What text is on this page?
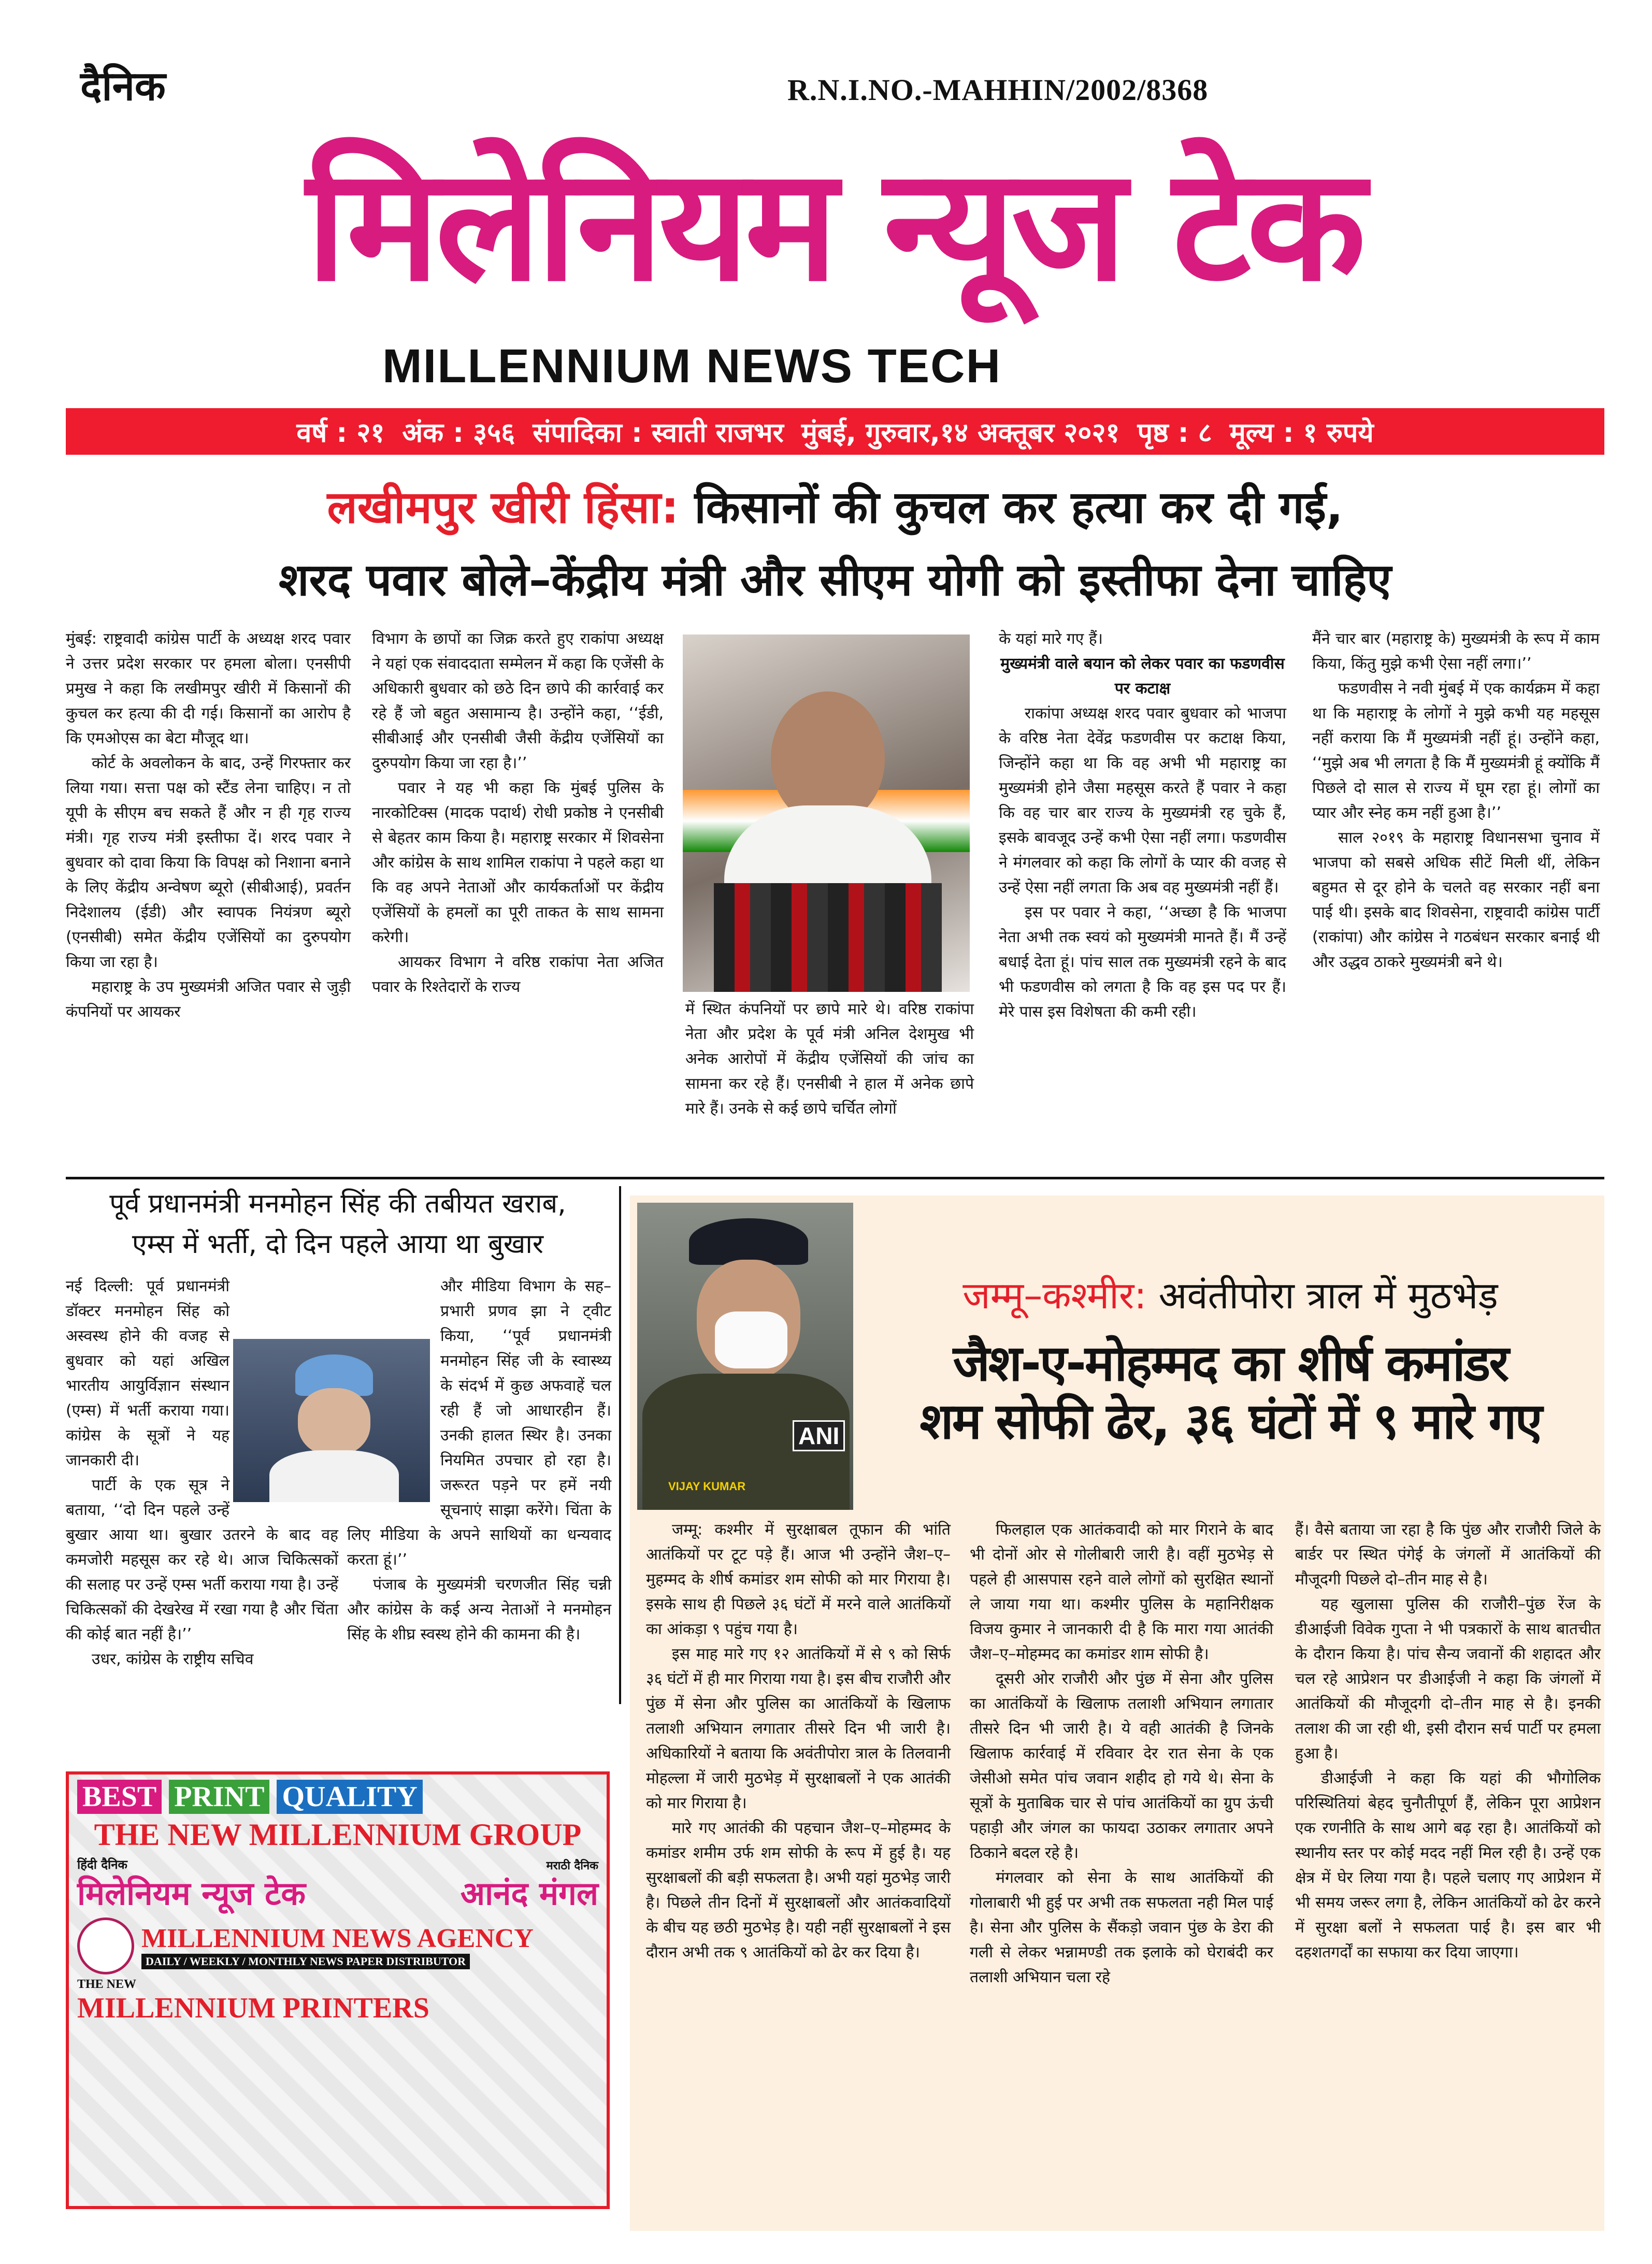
दैनिक	R.N.I.NO.-MAHHIN/2002/8368
मिलेनियम न्यूज टेक
MILLENNIUM NEWS TECH
वर्ष : २१ अंक : ३५६ संपादिका : स्वाती राजभर मुंबई, गुरुवार,१४ अक्तूबर २०२१ पृष्ठ : ८ मूल्य : १ रुपये
लखीमपुर खीरी हिंसा: किसानों की कुचल कर हत्या कर दी गई,
शरद पवार बोले–केंद्रीय मंत्री और सीएम योगी को इस्तीफा देना चाहिए

मुंबई: राष्ट्रवादी कांग्रेस पार्टी के अध्यक्ष शरद पवार ने उत्तर प्रदेश सरकार पर हमला बोला। एनसीपी प्रमुख ने कहा कि लखीमपुर खीरी में किसानों की कुचल कर हत्या की दी गई। किसानों का आरोप है कि एमओएस का बेटा मौजूद था।

कोर्ट के अवलोकन के बाद, उन्हें गिरफ्तार कर लिया गया। सत्ता पक्ष को स्टैंड लेना चाहिए। न तो यूपी के सीएम बच सकते हैं और न ही गृह राज्य मंत्री। गृह राज्य मंत्री इस्तीफा दें। शरद पवार ने बुधवार को दावा किया कि विपक्ष को निशाना बनाने के लिए केंद्रीय अन्वेषण ब्यूरो (सीबीआई), प्रवर्तन निदेशालय (ईडी) और स्वापक नियंत्रण ब्यूरो (एनसीबी) समेत केंद्रीय एजेंसियों का दुरुपयोग किया जा रहा है।

महाराष्ट्र के उप मुख्यमंत्री अजित पवार से जुड़ी कंपनियों पर आयकर

विभाग के छापों का जिक्र करते हुए राकांपा अध्यक्ष ने यहां एक संवाददाता सम्मेलन में कहा कि एजेंसी के अधिकारी बुधवार को छठे दिन छापे की कार्रवाई कर रहे हैं जो बहुत असामान्य है। उन्होंने कहा, ‘‘ईडी, सीबीआई और एनसीबी जैसी केंद्रीय एजेंसियों का दुरुपयोग किया जा रहा है।’’

पवार ने यह भी कहा कि मुंबई पुलिस के नारकोटिक्स (मादक पदार्थ) रोधी प्रकोष्ठ ने एनसीबी से बेहतर काम किया है। महाराष्ट्र सरकार में शिवसेना और कांग्रेस के साथ शामिल राकांपा ने पहले कहा था कि वह अपने नेताओं और कार्यकर्ताओं पर केंद्रीय एजेंसियों के हमलों का पूरी ताकत के साथ सामना करेगी।

आयकर विभाग ने वरिष्ठ राकांपा नेता अजित पवार के रिश्तेदारों के राज्य

में स्थित कंपनियों पर छापे मारे थे। वरिष्ठ राकांपा नेता और प्रदेश के पूर्व मंत्री अनिल देशमुख भी अनेक आरोपों में केंद्रीय एजेंसियों की जांच का सामना कर रहे हैं। एनसीबी ने हाल में अनेक छापे मारे हैं। उनके से कई छापे चर्चित लोगों

के यहां मारे गए हैं।

मुख्यमंत्री वाले बयान को लेकर पवार का फडणवीस पर कटाक्ष

राकांपा अध्यक्ष शरद पवार बुधवार को भाजपा के वरिष्ठ नेता देवेंद्र फडणवीस पर कटाक्ष किया, जिन्होंने कहा था कि वह अभी भी महाराष्ट्र का मुख्यमंत्री होने जैसा महसूस करते हैं पवार ने कहा कि वह चार बार राज्य के मुख्यमंत्री रह चुके हैं, इसके बावजूद उन्हें कभी ऐसा नहीं लगा। फडणवीस ने मंगलवार को कहा कि लोगों के प्यार की वजह से उन्हें ऐसा नहीं लगता कि अब वह मुख्यमंत्री नहीं हैं।

इस पर पवार ने कहा, ‘‘अच्छा है कि भाजपा नेता अभी तक स्वयं को मुख्यमंत्री मानते हैं। मैं उन्हें बधाई देता हूं। पांच साल तक मुख्यमंत्री रहने के बाद भी फडणवीस को लगता है कि वह इस पद पर हैं। मेरे पास इस विशेषता की कमी रही।

मैंने चार बार (महाराष्ट्र के) मुख्यमंत्री के रूप में काम किया, किंतु मुझे कभी ऐसा नहीं लगा।’’

फडणवीस ने नवी मुंबई में एक कार्यक्रम में कहा था कि महाराष्ट्र के लोगों ने मुझे कभी यह महसूस नहीं कराया कि मैं मुख्यमंत्री नहीं हूं। उन्होंने कहा, ‘‘मुझे अब भी लगता है कि मैं मुख्यमंत्री हूं क्योंकि मैं पिछले दो साल से राज्य में घूम रहा हूं। लोगों का प्यार और स्नेह कम नहीं हुआ है।’’

साल २०१९ के महाराष्ट्र विधानसभा चुनाव में भाजपा को सबसे अधिक सीटें मिली थीं, लेकिन बहुमत से दूर होने के चलते वह सरकार नहीं बना पाई थी। इसके बाद शिवसेना, राष्ट्रवादी कांग्रेस पार्टी (राकांपा) और कांग्रेस ने गठबंधन सरकार बनाई थी और उद्धव ठाकरे मुख्यमंत्री बने थे।

पूर्व प्रधानमंत्री मनमोहन सिंह की तबीयत खराब,
एम्स में भर्ती, दो दिन पहले आया था बुखार

नई दिल्ली: पूर्व प्रधानमंत्री डॉक्टर मनमोहन सिंह को अस्वस्थ होने की वजह से बुधवार को यहां अखिल भारतीय आयुर्विज्ञान संस्थान (एम्स) में भर्ती कराया गया। कांग्रेस के सूत्रों ने यह जानकारी दी।

पार्टी के एक सूत्र ने बताया, ‘‘दो दिन पहले उन्हें बुखार आया था। बुखार उतरने के बाद वह कमजोरी महसूस कर रहे थे। आज चिकित्सकों की सलाह पर उन्हें एम्स भर्ती कराया गया है। उन्हें चिकित्सकों की देखरेख में रखा गया है और चिंता की कोई बात नहीं है।’’

उधर, कांग्रेस के राष्ट्रीय सचिव

और मीडिया विभाग के सह–प्रभारी प्रणव झा ने ट्वीट किया, ‘‘पूर्व प्रधानमंत्री मनमोहन सिंह जी के स्वास्थ्य के संदर्भ में कुछ अफवाहें चल रही हैं जो आधारहीन हैं। उनकी हालत स्थिर है। उनका नियमित उपचार हो रहा है। जरूरत पड़ने पर हमें नयी सूचनाएं साझा करेंगे। चिंता के लिए मीडिया के अपने साथियों का धन्यवाद करता हूं।’’

पंजाब के मुख्यमंत्री चरणजीत सिंह चन्नी और कांग्रेस के कई अन्य नेताओं ने मनमोहन सिंह के शीघ्र स्वस्थ होने की कामना की है।

BEST PRINT QUALITY
THE NEW MILLENNIUM GROUP
हिंदी दैनिक
मिलेनियम न्यूज टेक
मराठी दैनिक
आनंद मंगल
MILLENNIUM NEWS AGENCY
DAILY / WEEKLY / MONTHLY NEWS PAPER DISTRIBUTOR
THE NEW
MILLENNIUM PRINTERS
VIJAY KUMAR
ANI
जम्मू–कश्मीर: अवंतीपोरा त्राल में मुठभेड़
जैश-ए-मोहम्मद का शीर्ष कमांडर
शम सोफी ढेर, ३६ घंटों में ९ मारे गए

जम्मू: कश्मीर में सुरक्षाबल तूफान की भांति आतंकियों पर टूट पड़े हैं। आज भी उन्होंने जैश–ए–मुहम्मद के शीर्ष कमांडर शम सोफी को मार गिराया है। इसके साथ ही पिछले ३६ घंटों में मरने वाले आतंकियों का आंकड़ा ९ पहुंच गया है।

इस माह मारे गए १२ आतंकियों में से ९ को सिर्फ ३६ घंटों में ही मार गिराया गया है। इस बीच राजौरी और पुंछ में सेना और पुलिस का आतंकियों के खिलाफ तलाशी अभियान लगातार तीसरे दिन भी जारी है।अधिकारियों ने बताया कि अवंतीपोरा त्राल के तिलवानी मोहल्ला में जारी मुठभेड़ में सुरक्षाबलों ने एक आतंकी को मार गिराया है।

मारे गए आतंकी की पहचान जैश–ए–मोहम्मद के कमांडर शमीम उर्फ शम सोफी के रूप में हुई है। यह सुरक्षाबलों की बड़ी सफलता है। अभी यहां मुठभेड़ जारी है। पिछले तीन दिनों में सुरक्षाबलों और आतंकवादियों के बीच यह छठी मुठभेड़ है। यही नहीं सुरक्षाबलों ने इस दौरान अभी तक ९ आतंकियों को ढेर कर दिया है।

फिलहाल एक आतंकवादी को मार गिराने के बाद भी दोनों ओर से गोलीबारी जारी है। वहीं मुठभेड़ से पहले ही आसपास रहने वाले लोगों को सुरक्षित स्थानों ले जाया गया था। कश्मीर पुलिस के महानिरीक्षक विजय कुमार ने जानकारी दी है कि मारा गया आतंकी जैश–ए–मोहम्मद का कमांडर शाम सोफी है।

दूसरी ओर राजौरी और पुंछ में सेना और पुलिस का आतंकियों के खिलाफ तलाशी अभियान लगातार तीसरे दिन भी जारी है। ये वही आतंकी है जिनके खिलाफ कार्रवाई में रविवार देर रात सेना के एक जेसीओ समेत पांच जवान शहीद हो गये थे। सेना के सूत्रों के मुताबिक चार से पांच आतंकियों का ग्रुप ऊंची पहाड़ी और जंगल का फायदा उठाकर लगातार अपने ठिकाने बदल रहे है।

मंगलवार को सेना के साथ आतंकियों की गोलाबारी भी हुई पर अभी तक सफलता नही मिल पाई है। सेना और पुलिस के सैंकड़ो जवान पुंछ के डेरा की गली से लेकर भन्नामण्डी तक इलाके को घेराबंदी कर तलाशी अभियान चला रहे

हैं। वैसे बताया जा रहा है कि पुंछ और राजौरी जिले के बार्डर पर स्थित पंगेई के जंगलों में आतंकियों की मौजूदगी पिछले दो–तीन माह से है।

यह खुलासा पुलिस की राजौरी–पुंछ रेंज के डीआईजी विवेक गुप्ता ने भी पत्रकारों के साथ बातचीत के दौरान किया है। पांच सैन्य जवानों की शहादत और चल रहे आप्रेशन पर डीआईजी ने कहा कि जंगलों में आतंकियों की मौजूदगी दो–तीन माह से है। इनकी तलाश की जा रही थी, इसी दौरान सर्च पार्टी पर हमला हुआ है।

डीआईजी ने कहा कि यहां की भौगोलिक परिस्थितियां बेहद चुनौतीपूर्ण हैं, लेकिन पूरा आप्रेशन एक रणनीति के साथ आगे बढ़ रहा है। आतंकियों को स्थानीय स्तर पर कोई मदद नहीं मिल रही है। उन्हें एक क्षेत्र में घेर लिया गया है। पहले चलाए गए आप्रेशन में भी समय जरूर लगा है, लेकिन आतंकियों को ढेर करने में सुरक्षा बलों ने सफलता पाई है। इस बार भी दहशतगर्दों का सफाया कर दिया जाएगा।
